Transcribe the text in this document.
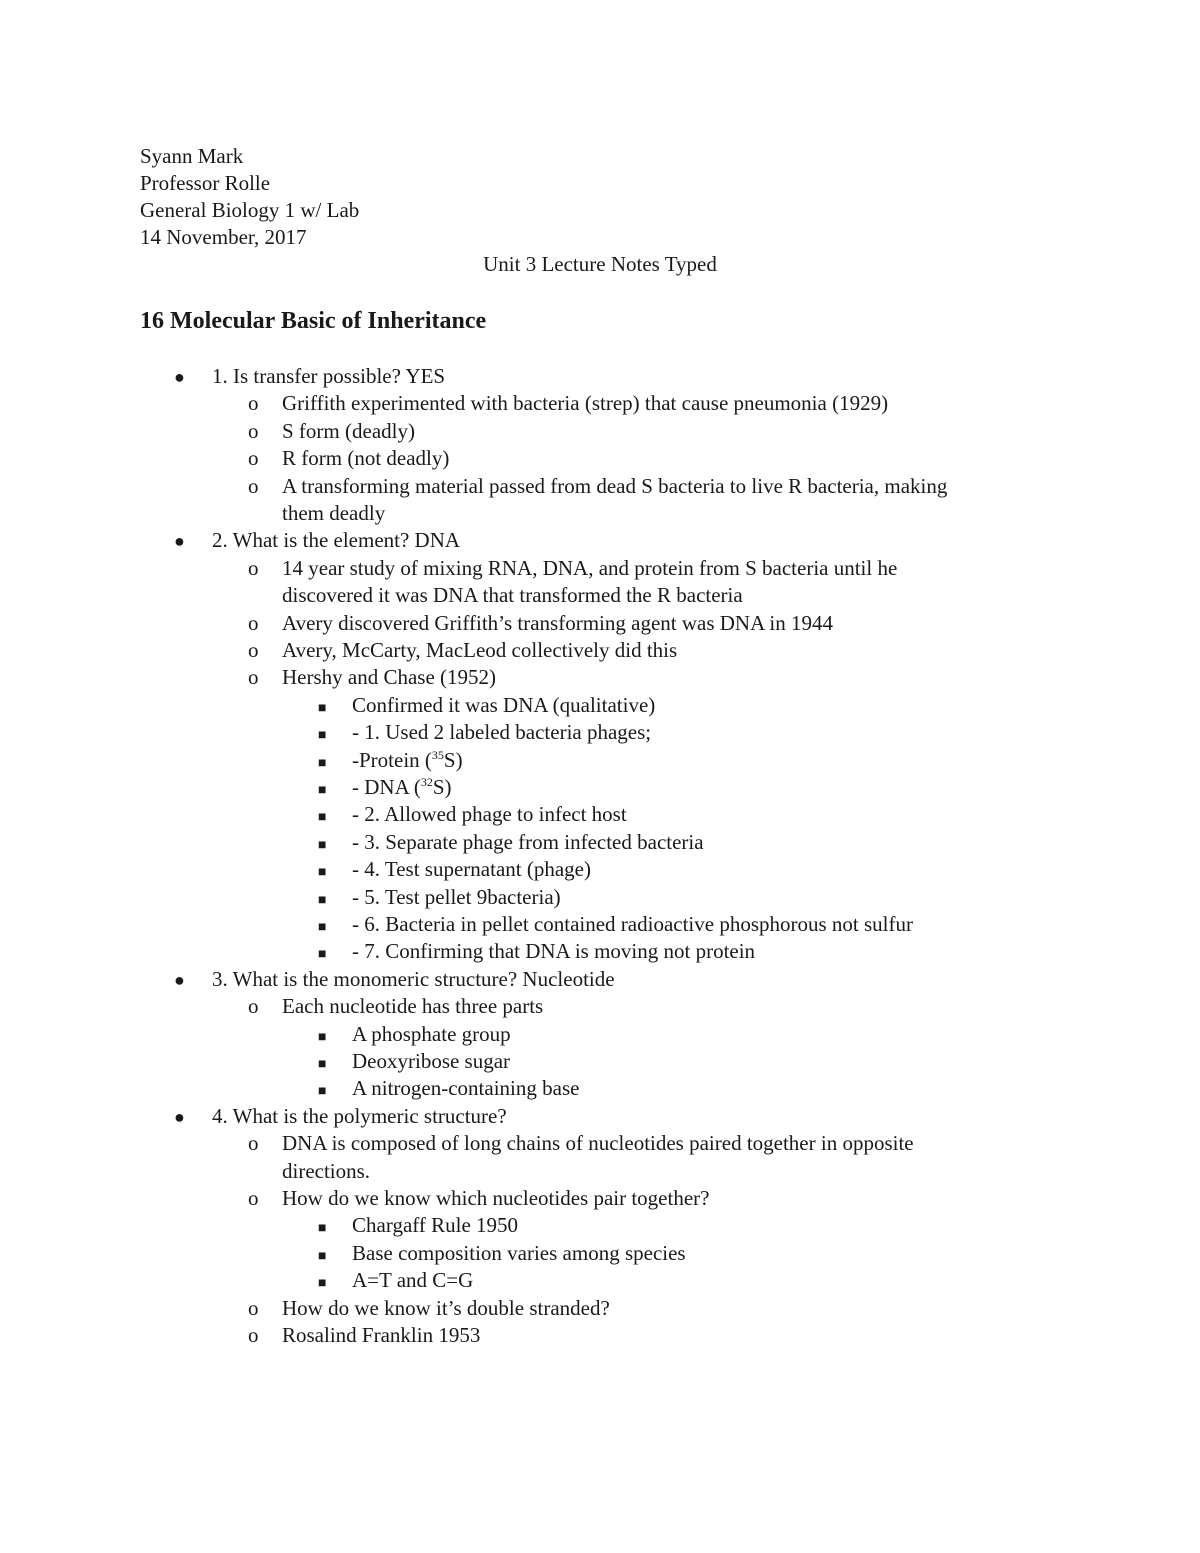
Syann Mark
Professor Rolle
General Biology 1 w/ Lab
14 November, 2017
Unit 3 Lecture Notes Typed
16 Molecular Basic of Inheritance
● 1. Is transfer possible? YES
o Griffith experimented with bacteria (strep) that cause pneumonia (1929)
o S form (deadly)
o R form (not deadly)
o A transforming material passed from dead S bacteria to live R bacteria, making
them deadly
● 2. What is the element? DNA
o 14 year study of mixing RNA, DNA, and protein from S bacteria until he
discovered it was DNA that transformed the R bacteria
o Avery discovered Griffith’s transforming agent was DNA in 1944
o Avery, McCarty, MacLeod collectively did this
o Hershy and Chase (1952)
■ Confirmed it was DNA (qualitative)
■ - 1. Used 2 labeled bacteria phages;
■ -Protein ($^{35}$S)
■ - DNA ($^{32}$S)
■ - 2. Allowed phage to infect host
■ - 3. Separate phage from infected bacteria
■ - 4. Test supernatant (phage)
■ - 5. Test pellet 9bacteria)
■ - 6. Bacteria in pellet contained radioactive phosphorous not sulfur
■ - 7. Confirming that DNA is moving not protein
● 3. What is the monomeric structure? Nucleotide
o Each nucleotide has three parts
■ A phosphate group
■ Deoxyribose sugar
■ A nitrogen-containing base
● 4. What is the polymeric structure?
o DNA is composed of long chains of nucleotides paired together in opposite
directions.
o How do we know which nucleotides pair together?
■ Chargaff Rule 1950
■ Base composition varies among species
■ A=T and C=G
o How do we know it’s double stranded?
o Rosalind Franklin 1953
